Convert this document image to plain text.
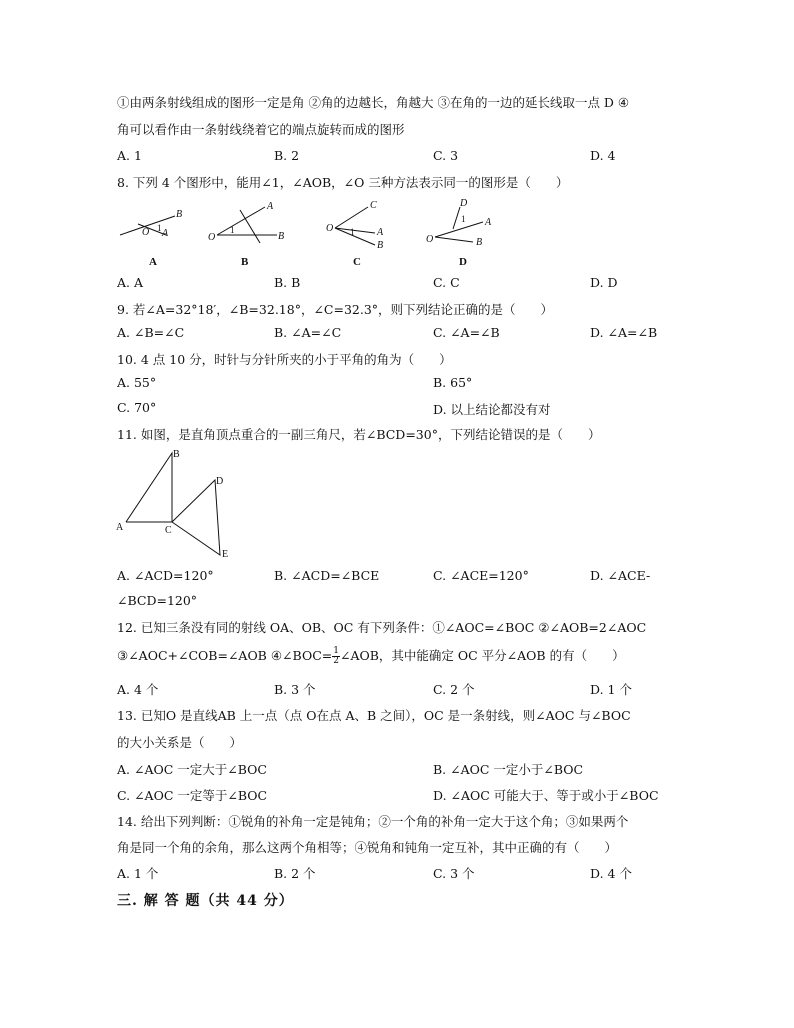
①由两条射线组成的图形一定是角 ②角的边越长，角越大 ③在角的一边的延长线取一点 D ④
角可以看作由一条射线绕着它的端点旋转而成的图形
A. 1	B. 2	C. 3	D. 4
8. 下列 4 个图形中，能用∠1，∠AOB，∠O 三种方法表示同一的图形是（　　）
O 1 A
B
O
1
A
B
O 1
C
A
B
O
1
D
A
B
A	B	C	D
A. A	B. B	C. C	D. D
9. 若∠A=32°18′，∠B=32.18°，∠C=32.3°，则下列结论正确的是（　　）
A. ∠B=∠C	B. ∠A=∠C	C. ∠A=∠B	D. ∠A=∠B
10. 4 点 10 分，时针与分针所夹的小于平角的角为（　　）
A. 55°	B. 65°
C. 70°	D. 以上结论都没有对
11. 如图，是直角顶点重合的一副三角尺，若∠BCD=30°，下列结论错误的是（　　）
A
B
C
D
E
A. ∠ACD=120°	B. ∠ACD=∠BCE	C. ∠ACE=120°	D. ∠ACE-
∠BCD=120°
12. 已知三条没有同的射线 OA、OB、OC 有下列条件：①∠AOC=∠BOC ②∠AOB=2∠AOC
③∠AOC+∠COB=∠AOB ④∠BOC= $\frac{1}{2}$ ∠AOB，其中能确定 OC 平分∠AOB 的有（　　）
A. 4 个	B. 3 个	C. 2 个	D. 1 个
13. 已知O 是直线AB 上一点（点 O在点 A、B 之间），OC 是一条射线，则∠AOC 与∠BOC
的大小关系是（　　）
A. ∠AOC 一定大于∠BOC	B. ∠AOC 一定小于∠BOC
C. ∠AOC 一定等于∠BOC	D. ∠AOC 可能大于、等于或小于∠BOC
14. 给出下列判断：①锐角的补角一定是钝角；②一个角的补角一定大于这个角；③如果两个
角是同一个角的余角，那么这两个角相等；④锐角和钝角一定互补，其中正确的有（　　）
A. 1 个	B. 2 个	C. 3 个	D. 4 个
三. 解 答 题（共 44 分）
